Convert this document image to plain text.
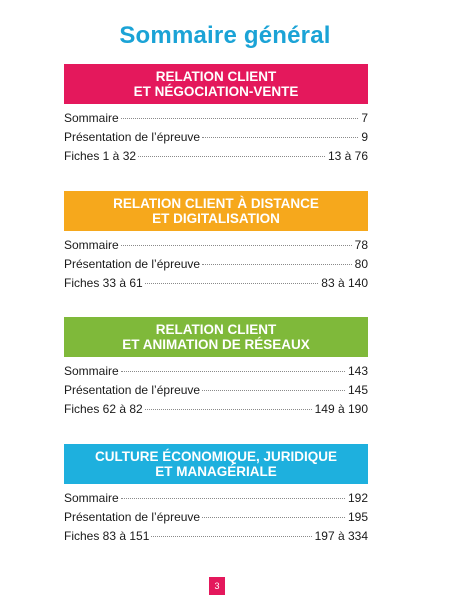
Sommaire général
RELATION CLIENT
ET NÉGOCIATION-VENTE
Sommaire	7
Présentation de l’épreuve	9
Fiches 1 à 32	13 à 76
RELATION CLIENT À DISTANCE
ET DIGITALISATION
Sommaire	78
Présentation de l’épreuve	80
Fiches 33 à 61	83 à 140
RELATION CLIENT
ET ANIMATION DE RÉSEAUX
Sommaire	143
Présentation de l’épreuve	145
Fiches 62 à 82	149 à 190
CULTURE ÉCONOMIQUE, JURIDIQUE
ET MANAGÉRIALE
Sommaire	192
Présentation de l’épreuve	195
Fiches 83 à 151	197 à 334
3
